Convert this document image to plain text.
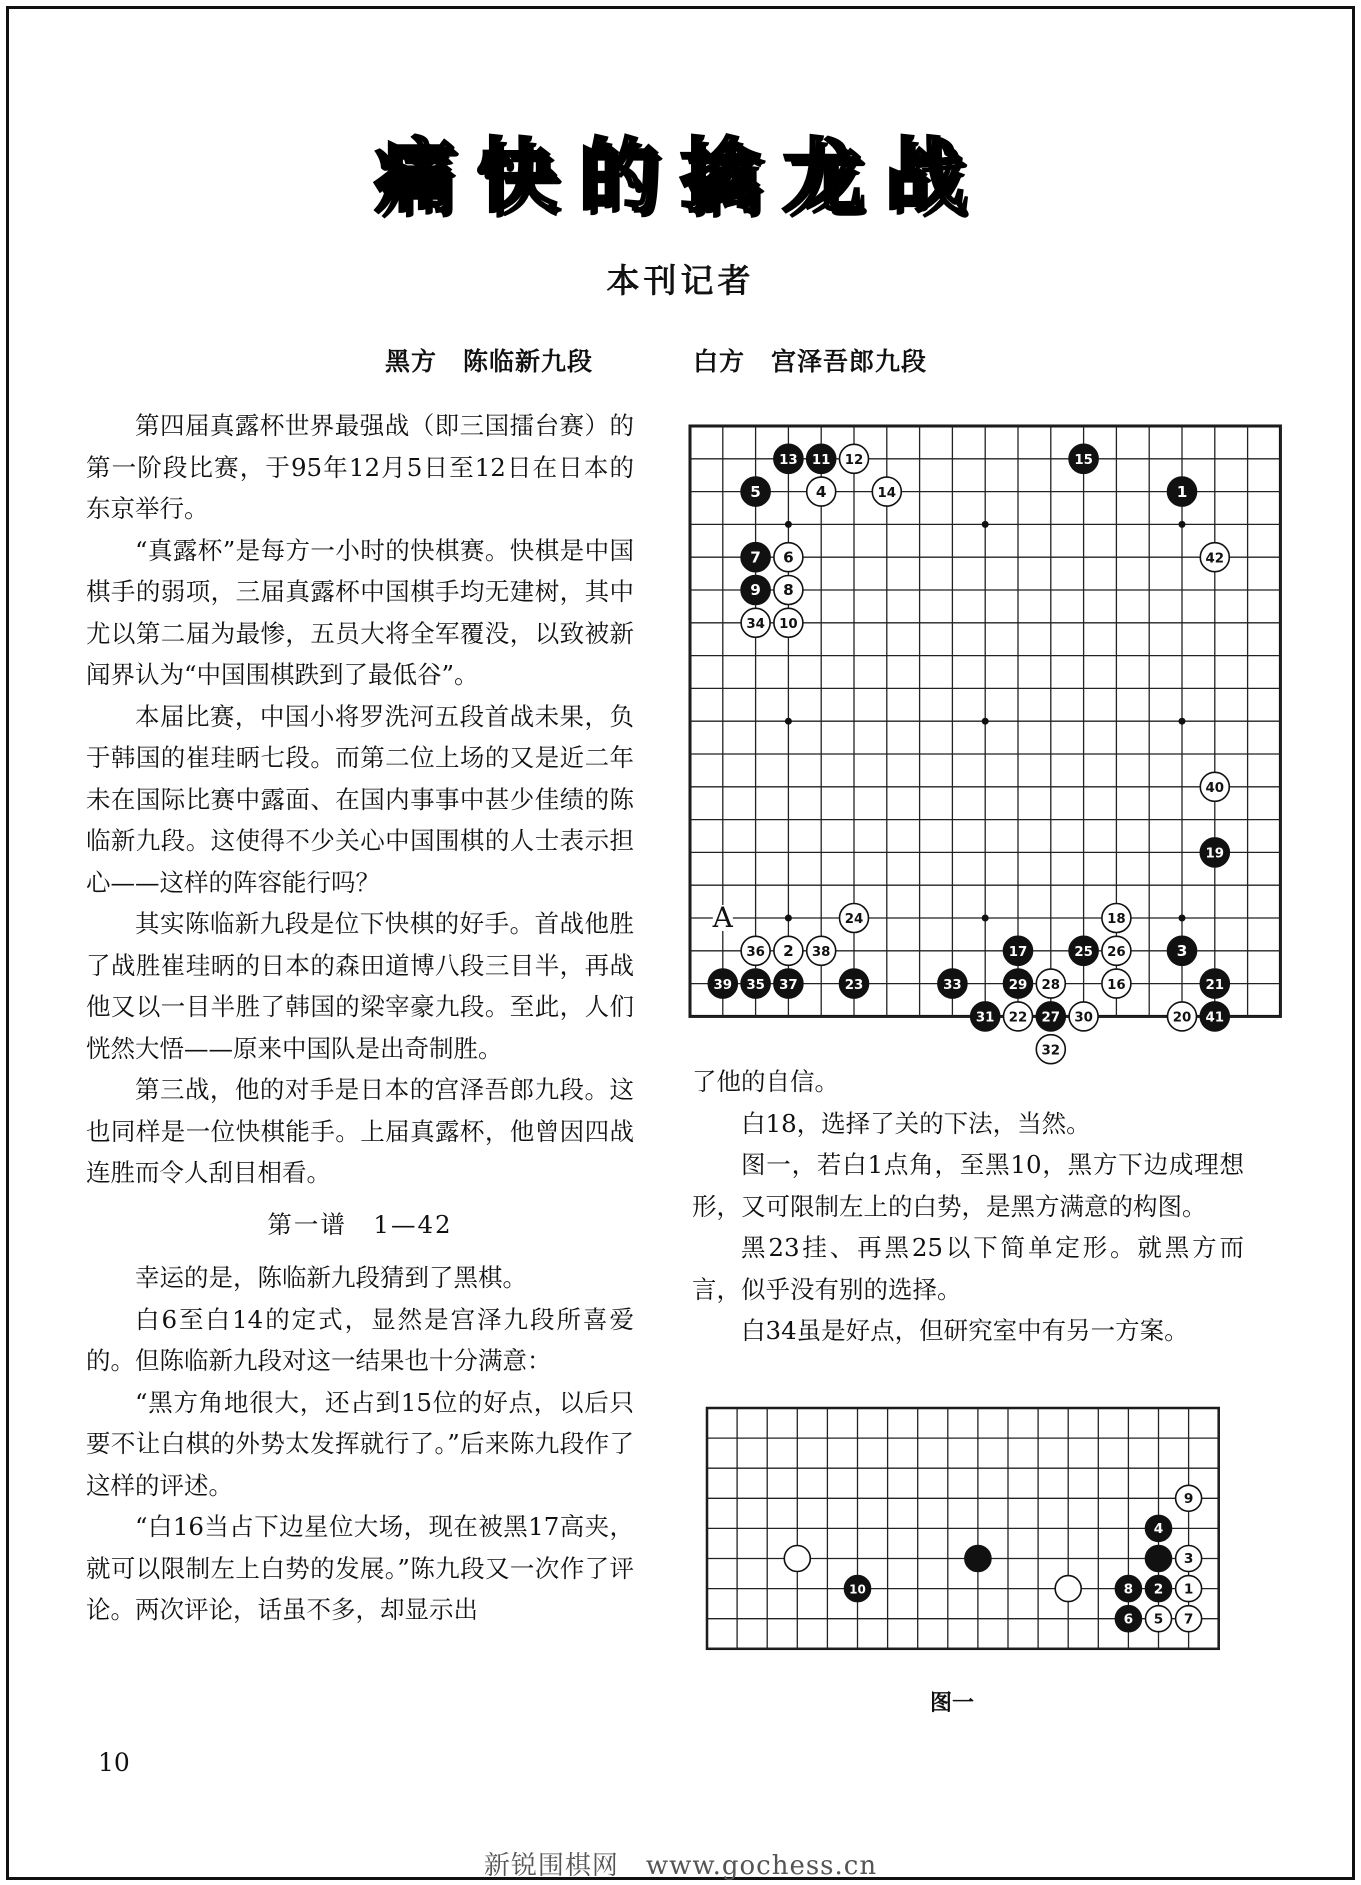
痛快的擒龙战
本刊记者
黑方　陈临新九段	白方　宫泽吾郎九段

第四届真露杯世界最强战（即三国擂台赛）的第一阶段比赛，于95年12月5日至12日在日本的东京举行。

“真露杯”是每方一小时的快棋赛。快棋是中国棋手的弱项，三届真露杯中国棋手均无建树，其中尤以第二届为最惨，五员大将全军覆没，以致被新闻界认为“中国围棋跌到了最低谷”。

本届比赛，中国小将罗洗河五段首战未果，负于韩国的崔珪昞七段。而第二位上场的又是近二年未在国际比赛中露面、在国内事事中甚少佳绩的陈临新九段。这使得不少关心中国围棋的人士表示担心——这样的阵容能行吗？

其实陈临新九段是位下快棋的好手。首战他胜了战胜崔珪昞的日本的森田道博八段三目半，再战他又以一目半胜了韩国的梁宰豪九段。至此，人们恍然大悟——原来中国队是出奇制胜。

第三战，他的对手是日本的宫泽吾郎九段。这也同样是一位快棋能手。上届真露杯，他曾因四战连胜而令人刮目相看。

第一谱　1—42

幸运的是，陈临新九段猜到了黑棋。

白6至白14的定式，显然是宫泽九段所喜爱的。但陈临新九段对这一结果也十分满意：

“黑方角地很大，还占到15位的好点，以后只要不让白棋的外势太发挥就行了。”后来陈九段作了这样的评述。

“白16当占下边星位大场，现在被黑17高夹，就可以限制左上白势的发展。”陈九段又一次作了评论。两次评论，话虽不多，却显示出

了他的自信。

白18，选择了关的下法，当然。

图一，若白1点角，至黑10，黑方下边成理想形，又可限制左上的白势，是黑方满意的构图。

黑23挂、再黑25以下简单定形。就黑方而言，似乎没有别的选择。

白34虽是好点，但研究室中有另一方案。

1
2	3
4
5
6
7
8
9
10
11 12
13
14
15
16
17
18
19
20
21
22
23
24
25 26
27
28
29
30
31
32
33
34
35
36
37
38
39
40
41
42
A
10	1
2
3
4
5
6	7
8
9
图一
10
新锐围棋网　www.gochess.cn
